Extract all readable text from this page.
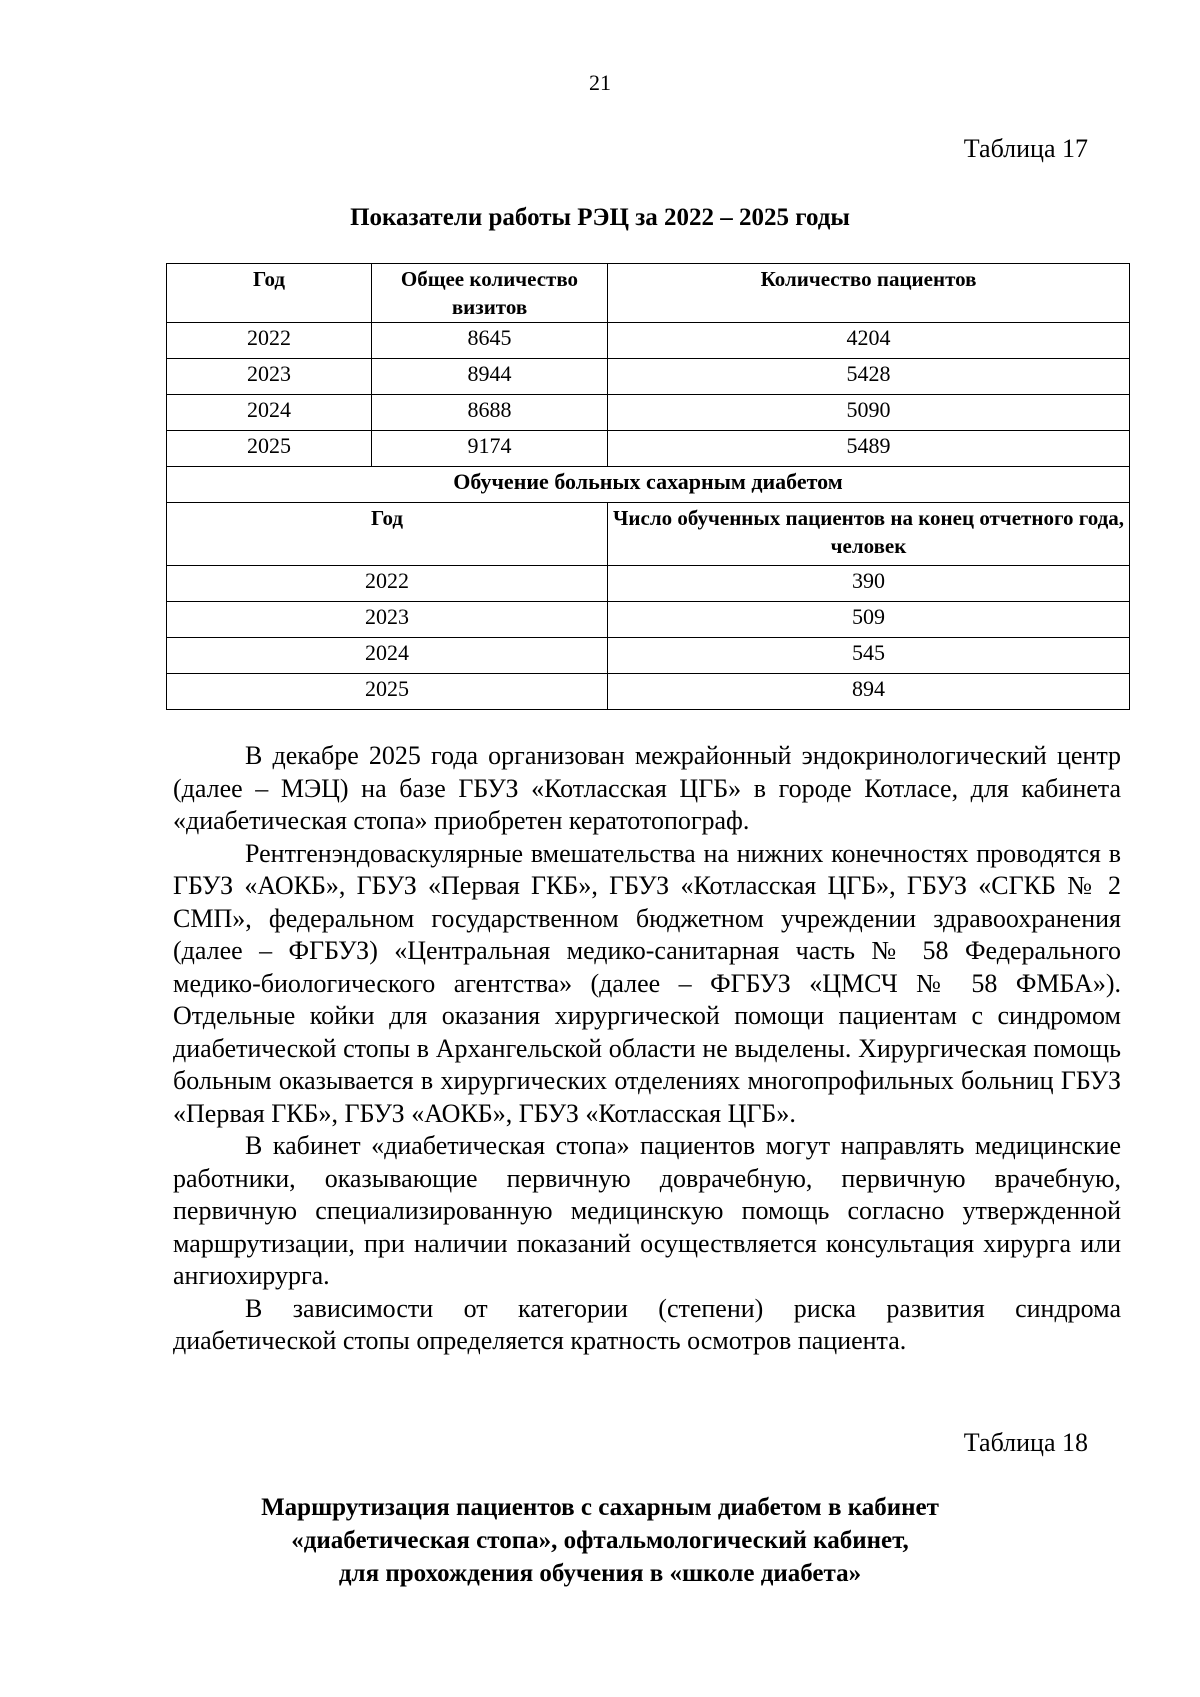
21
Таблица 17
Показатели работы РЭЦ за 2022 – 2025 годы
Год	Общее количество визитов	Количество пациентов
2022	8645	4204
2023	8944	5428
2024	8688	5090
2025	9174	5489
Обучение больных сахарным диабетом		
Год		Число обученных пациентов на конец отчетного года, человек
2022		390
2023		509
2024		545
2025		894

В декабре 2025 года организован межрайонный эндокринологический центр (далее – МЭЦ) на базе ГБУЗ «Котласская ЦГБ» в городе Котласе, для кабинета «диабетическая стопа» приобретен кератотопограф.

Рентгенэндоваскулярные вмешательства на нижних конечностях проводятся в ГБУЗ «АОКБ», ГБУЗ «Первая ГКБ», ГБУЗ «Котласская ЦГБ», ГБУЗ «СГКБ № 2 СМП», федеральном государственном бюджетном учреждении здравоохранения (далее – ФГБУЗ) «Центральная медико-санитарная часть № 58 Федерального медико-биологического агентства» (далее – ФГБУЗ «ЦМСЧ № 58 ФМБА»). Отдельные койки для оказания хирургической помощи пациентам с синдромом диабетической стопы в Архангельской области не выделены. Хирургическая помощь больным оказывается в хирургических отделениях многопрофильных больниц ГБУЗ «Первая ГКБ», ГБУЗ «АОКБ», ГБУЗ «Котласская ЦГБ».

В кабинет «диабетическая стопа» пациентов могут направлять медицинские работники, оказывающие первичную доврачебную, первичную врачебную, первичную специализированную медицинскую помощь согласно утвержденной маршрутизации, при наличии показаний осуществляется консультация хирурга или ангиохирурга.

В зависимости от категории (степени) риска развития синдрома диабетической стопы определяется кратность осмотров пациента.

Таблица 18
Маршрутизация пациентов с сахарным диабетом в кабинет
«диабетическая стопа», офтальмологический кабинет,
для прохождения обучения в «школе диабета»
